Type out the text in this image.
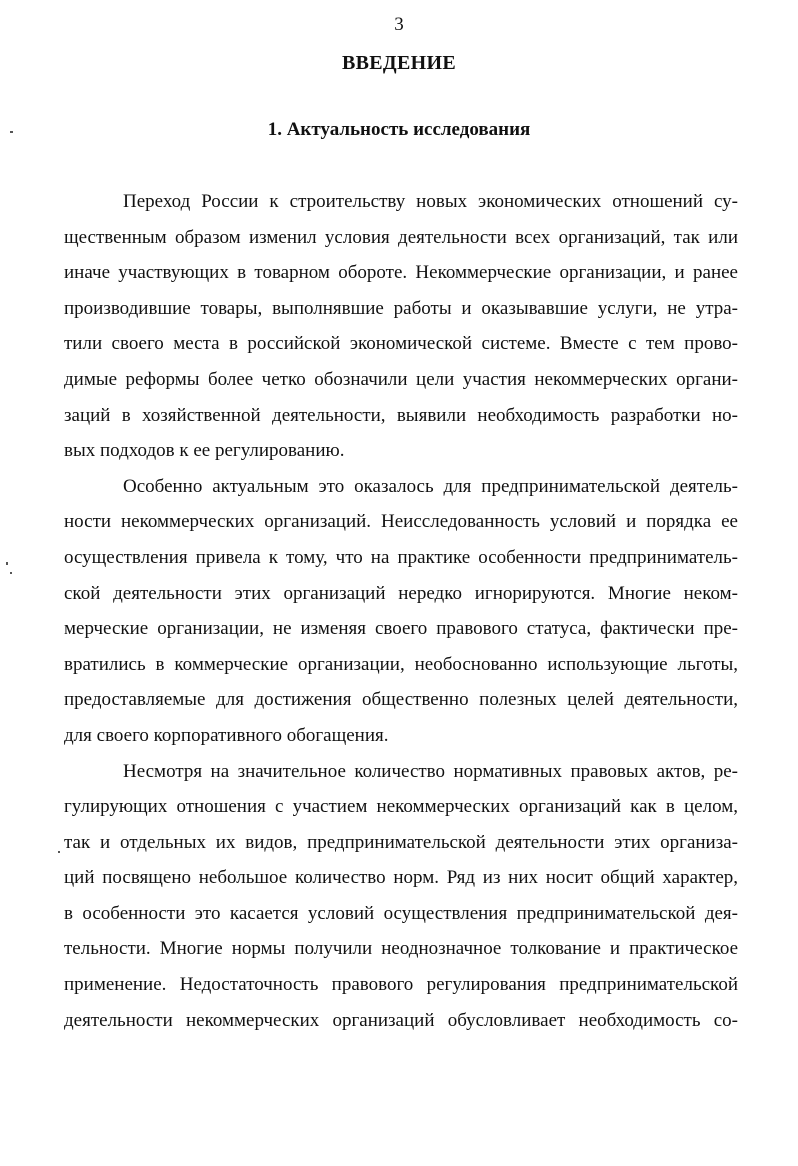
3
ВВЕДЕНИЕ
1. Актуальность исследования
Переход России к строительству новых экономических отношений су-
щественным образом изменил условия деятельности всех организаций, так или
иначе участвующих в товарном обороте. Некоммерческие организации, и ранее
производившие товары, выполнявшие работы и оказывавшие услуги, не утра-
тили своего места в российской экономической системе. Вместе с тем прово-
димые реформы более четко обозначили цели участия некоммерческих органи-
заций в хозяйственной деятельности, выявили необходимость разработки но-
вых подходов к ее регулированию.
Особенно актуальным это оказалось для предпринимательской деятель-
ности некоммерческих организаций. Неисследованность условий и порядка ее
осуществления привела к тому, что на практике особенности предприниматель-
ской деятельности этих организаций нередко игнорируются. Многие неком-
мерческие организации, не изменяя своего правового статуса, фактически пре-
вратились в коммерческие организации, необоснованно использующие льготы,
предоставляемые для достижения общественно полезных целей деятельности,
для своего корпоративного обогащения.
Несмотря на значительное количество нормативных правовых актов, ре-
гулирующих отношения с участием некоммерческих организаций как в целом,
так и отдельных их видов, предпринимательской деятельности этих организа-
ций посвящено небольшое количество норм. Ряд из них носит общий характер,
в особенности это касается условий осуществления предпринимательской дея-
тельности. Многие нормы получили неоднозначное толкование и практическое
применение. Недостаточность правового регулирования предпринимательской
деятельности некоммерческих организаций обусловливает необходимость со-
